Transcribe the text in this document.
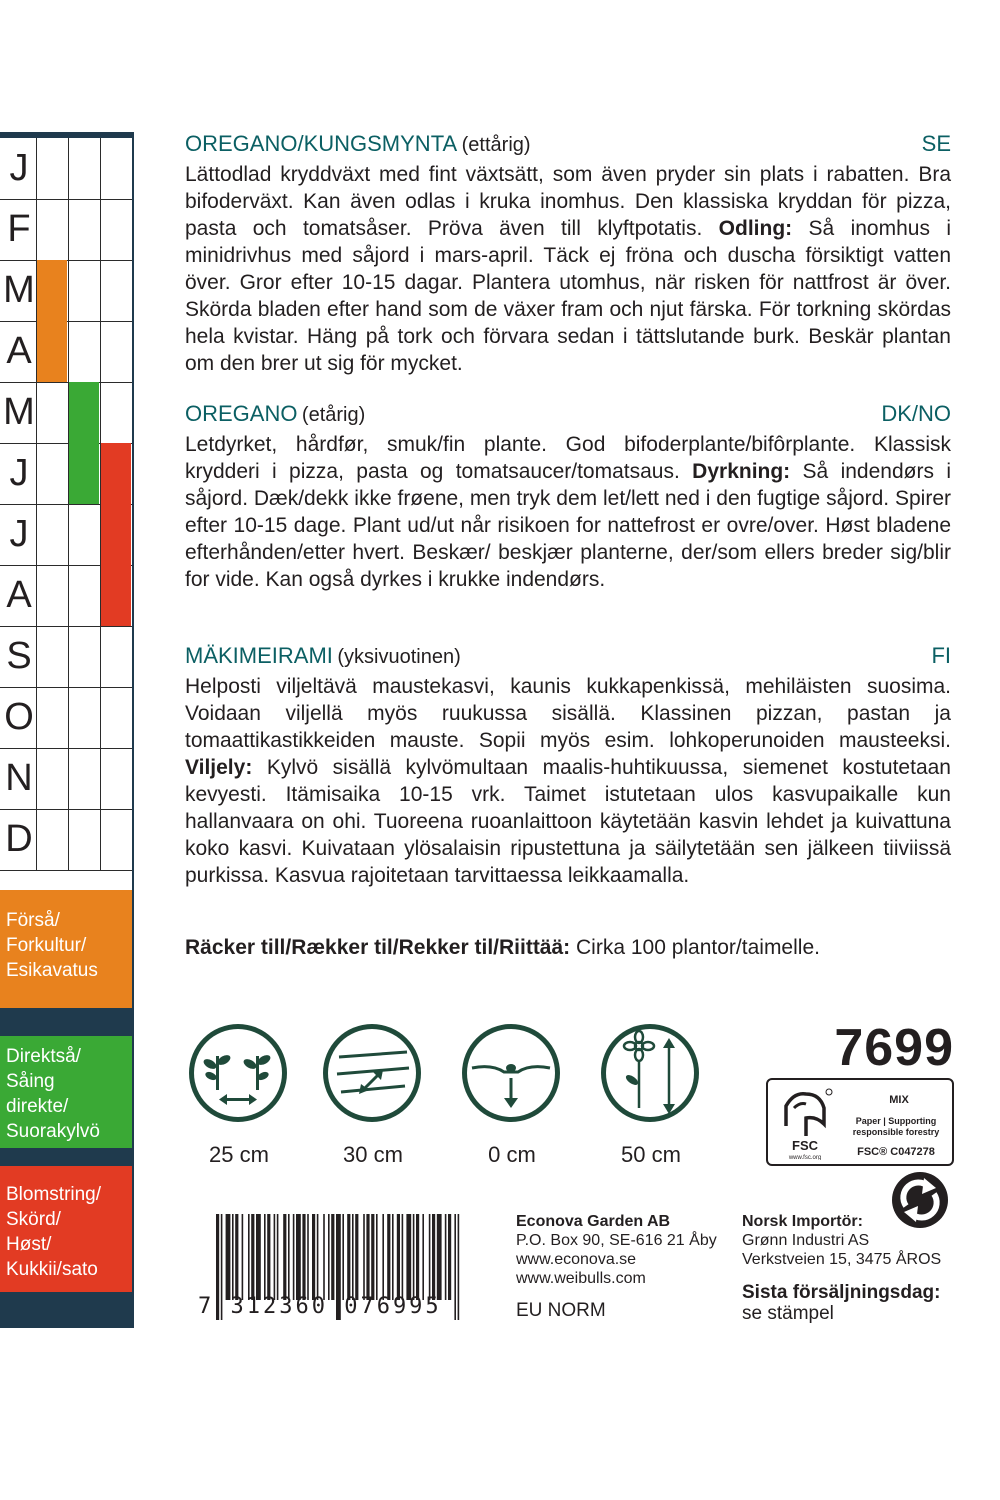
J
F
M
A
M
J
J
A
S
O
N
D
Förså/
Forkultur/
Esikavatus
Direktså/
Såing
direkte/
Suorakylvö
Blomstring/
Skörd/
Høst/
Kukkii/sato
OREGANO/KUNGSMYNTA (ettårig)	SE
Lättodlad kryddväxt med fint växtsätt, som även pryder sin plats i rabatten. Bra bifoderväxt. Kan även odlas i kruka inomhus. Den klassiska kryddan för pizza, pasta och tomatsåser. Pröva även till klyftpotatis. Odling: Så inomhus i minidrivhus med såjord i mars-april. Täck ej fröna och duscha försiktigt vatten över. Gror efter 10-15 dagar. Plantera utomhus, när risken för nattfrost är över. Skörda bladen efter hand som de växer fram och njut färska. För torkning skördas hela kvistar. Häng på tork och förvara sedan i tättslutande burk. Beskär plantan om den brer ut sig för mycket.
OREGANO (etårig)	DK/NO
Letdyrket, hårdfør, smuk/fin plante. God bifoderplante/bifôrplante. Klassisk krydderi i pizza, pasta og tomatsaucer/tomatsaus. Dyrkning: Så indendørs i såjord. Dæk/dekk ikke frøene, men tryk dem let/lett ned i den fugtige såjord. Spirer efter 10-15 dage. Plant ud/ut når risikoen for nattefrost er ovre/over. Høst bladene efterhånden/etter hvert. Beskær/ beskjær planterne, der/som ellers breder sig/blir for vide. Kan også dyrkes i krukke indendørs.
MÄKIMEIRAMI (yksivuotinen)	FI
Helposti viljeltävä maustekasvi, kaunis kukkapenkissä, mehiläisten suosima. Voidaan viljellä myös ruukussa sisällä. Klassinen pizzan, pastan ja tomaattikastikkeiden mauste. Sopii myös esim. lohkoperunoiden mausteeksi. Viljely: Kylvö sisällä kylvömultaan maalis-huhtikuussa, siemenet kostutetaan kevyesti. Itämisaika 10-15 vrk. Taimet istutetaan ulos kasvupaikalle kun hallanvaara on ohi. Tuoreena ruoanlaittoon käytetään kasvin lehdet ja kuivattuna koko kasvi. Kuivataan ylösalaisin ripustettuna ja säilytetään sen jälkeen tiiviissä purkissa. Kasvua rajoitetaan tarvittaessa leikkaamalla.
Räcker till/Rækker til/Rekker til/Riittää: Cirka 100 plantor/taimelle.
25 cm	30 cm	0 cm	50 cm
7699
FSC
www.fsc.org
MIX
Paper | Supporting
responsible forestry
FSC® C047278
7 312360 076995
Econova Garden AB
P.O. Box 90, SE-616 21 Åby
www.econova.se
www.weibulls.com
EU NORM
Norsk Importör:
Grønn Industri AS
Verkstveien 15, 3475 ÅROS
Sista försäljningsdag:
se stämpel
